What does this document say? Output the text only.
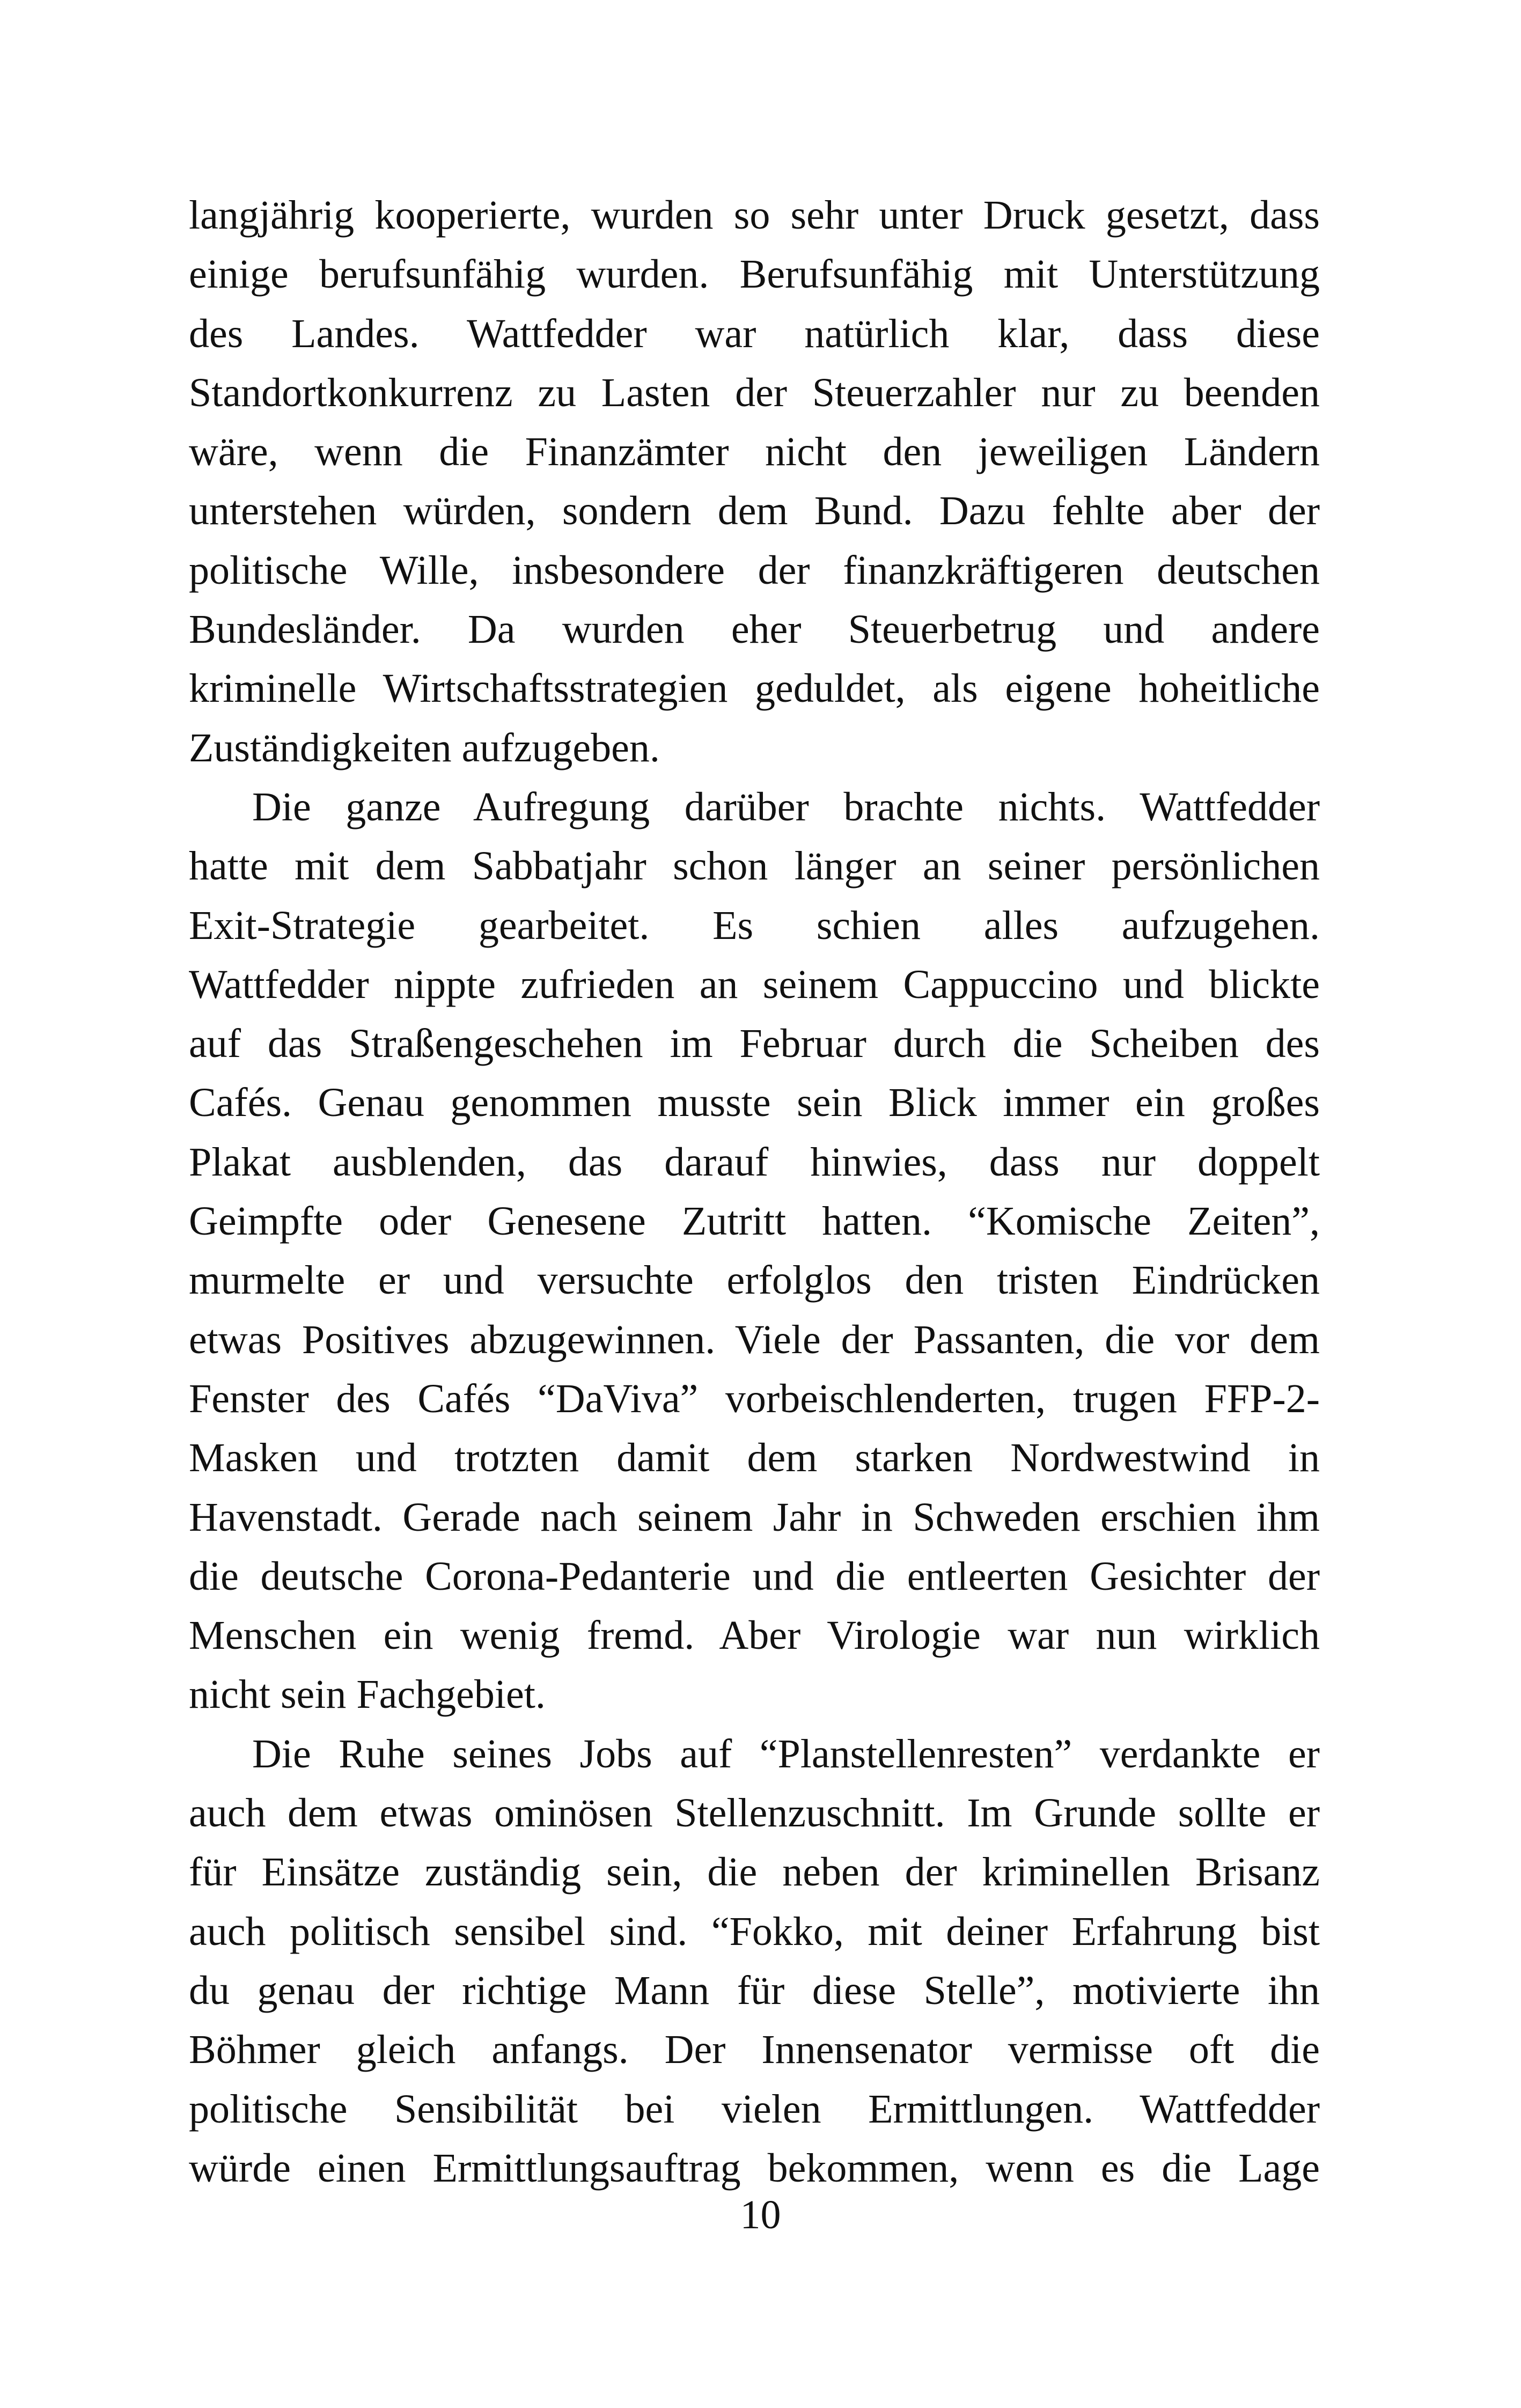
langjährig kooperierte, wurden so sehr unter Druck gesetzt, dass
einige berufsunfähig wurden. Berufsunfähig mit Unterstützung
des Landes. Wattfedder war natürlich klar, dass diese
Standortkonkurrenz zu Lasten der Steuerzahler nur zu beenden
wäre, wenn die Finanzämter nicht den jeweiligen Ländern
unterstehen würden, sondern dem Bund. Dazu fehlte aber der
politische Wille, insbesondere der finanzkräftigeren deutschen
Bundesländer. Da wurden eher Steuerbetrug und andere
kriminelle Wirtschaftsstrategien geduldet, als eigene hoheitliche
Zuständigkeiten aufzugeben.
Die ganze Aufregung darüber brachte nichts. Wattfedder
hatte mit dem Sabbatjahr schon länger an seiner persönlichen
Exit-Strategie gearbeitet. Es schien alles aufzugehen.
Wattfedder nippte zufrieden an seinem Cappuccino und blickte
auf das Straßengeschehen im Februar durch die Scheiben des
Cafés. Genau genommen musste sein Blick immer ein großes
Plakat ausblenden, das darauf hinwies, dass nur doppelt
Geimpfte oder Genesene Zutritt hatten. “Komische Zeiten”,
murmelte er und versuchte erfolglos den tristen Eindrücken
etwas Positives abzugewinnen. Viele der Passanten, die vor dem
Fenster des Cafés “DaViva” vorbeischlenderten, trugen FFP-2-
Masken und trotzten damit dem starken Nordwestwind in
Havenstadt. Gerade nach seinem Jahr in Schweden erschien ihm
die deutsche Corona-Pedanterie und die entleerten Gesichter der
Menschen ein wenig fremd. Aber Virologie war nun wirklich
nicht sein Fachgebiet.
Die Ruhe seines Jobs auf “Planstellenresten” verdankte er
auch dem etwas ominösen Stellenzuschnitt. Im Grunde sollte er
für Einsätze zuständig sein, die neben der kriminellen Brisanz
auch politisch sensibel sind. “Fokko, mit deiner Erfahrung bist
du genau der richtige Mann für diese Stelle”, motivierte ihn
Böhmer gleich anfangs. Der Innensenator vermisse oft die
politische Sensibilität bei vielen Ermittlungen. Wattfedder
würde einen Ermittlungsauftrag bekommen, wenn es die Lage
10
